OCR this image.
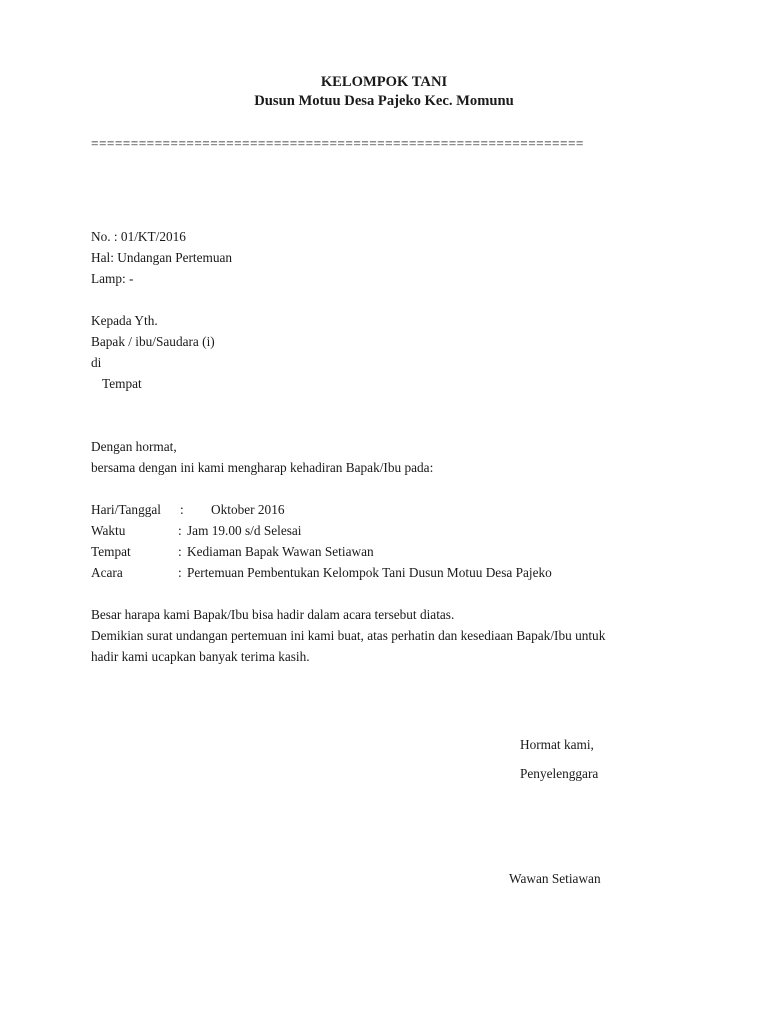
KELOMPOK TANI
Dusun Motuu Desa Pajeko Kec. Momunu
==============================================================
No. : 01/KT/2016
Hal: Undangan Pertemuan
Lamp: -
Kepada Yth.
Bapak / ibu/Saudara (i)
di
Tempat
Dengan hormat,
bersama dengan ini kami mengharap kehadiran Bapak/Ibu pada:
Hari/Tanggal : Oktober 2016
Waktu	: Jam 19.00 s/d Selesai
Tempat	: Kediaman Bapak Wawan Setiawan
Acara	: Pertemuan Pembentukan Kelompok Tani Dusun Motuu Desa Pajeko
Besar harapa kami Bapak/Ibu bisa hadir dalam acara tersebut diatas.
Demikian surat undangan pertemuan ini kami buat, atas perhatin dan kesediaan Bapak/Ibu untuk
hadir kami ucapkan banyak terima kasih.
Hormat kami,
Penyelenggara
Wawan Setiawan
